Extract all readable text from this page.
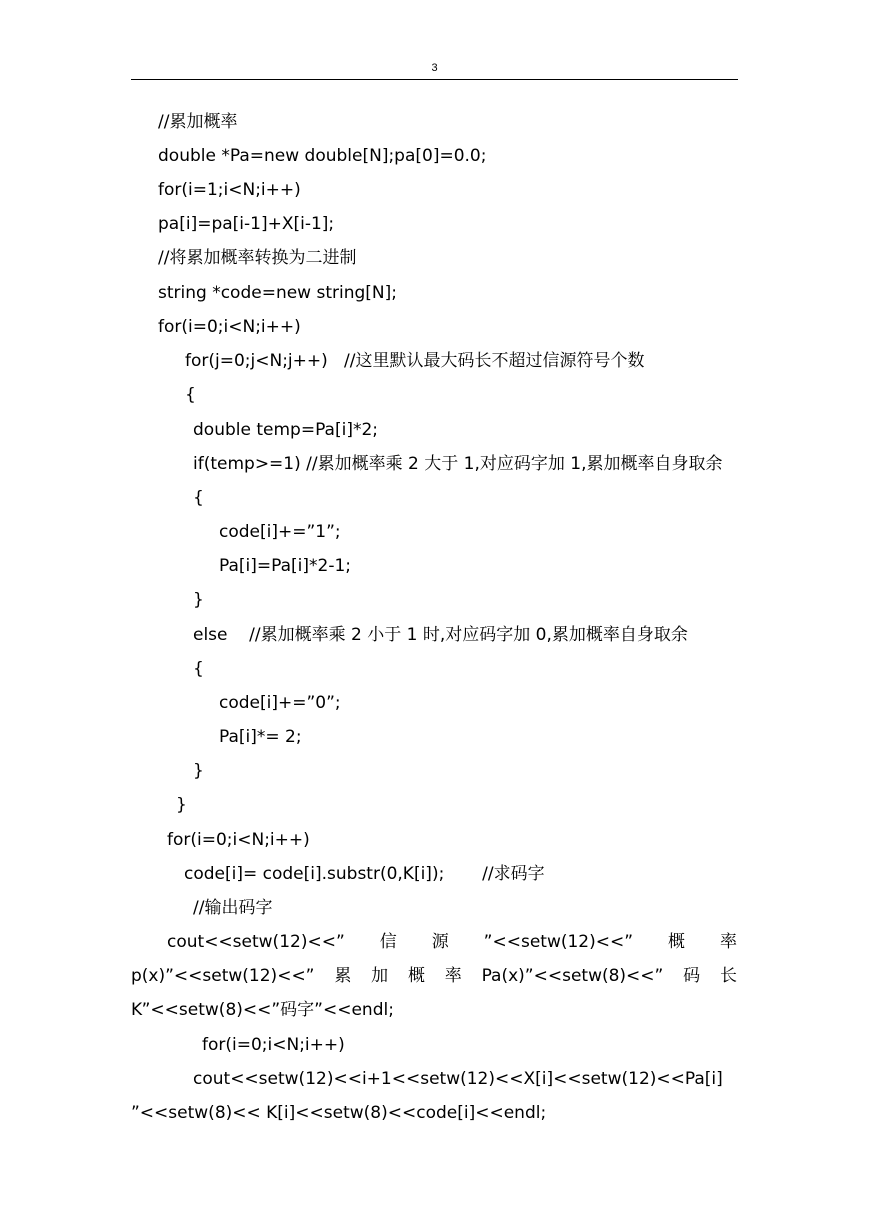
3
//累加概率
double *Pa=new double[N];pa[0]=0.0;
for(i=1;i<N;i++)
pa[i]=pa[i-1]+X[i-1];
//将累加概率转换为二进制
string *code=new string[N];
for(i=0;i<N;i++)
for(j=0;j<N;j++)   //这里默认最大码长不超过信源符号个数
{
double temp=Pa[i]*2;
if(temp>=1) //累加概率乘 2 大于 1,对应码字加 1,累加概率自身取余
{
code[i]+=”1”;
Pa[i]=Pa[i]*2-1;
}
else    //累加概率乘 2 小于 1 时,对应码字加 0,累加概率自身取余
{
code[i]+=”0”;
Pa[i]*= 2;
}
}
for(i=0;i<N;i++)
code[i]= code[i].substr(0,K[i]);       //求码字
//输出码字
cout<<setw(12)<<” 信 源 ”<<setw(12)<<” 概 率
p(x)”<<setw(12)<<” 累 加 概 率 Pa(x)”<<setw(8)<<” 码 长
K”<<setw(8)<<”码字”<<endl;
for(i=0;i<N;i++)
cout<<setw(12)<<i+1<<setw(12)<<X[i]<<setw(12)<<Pa[i]
”<<setw(8)<< K[i]<<setw(8)<<code[i]<<endl;
